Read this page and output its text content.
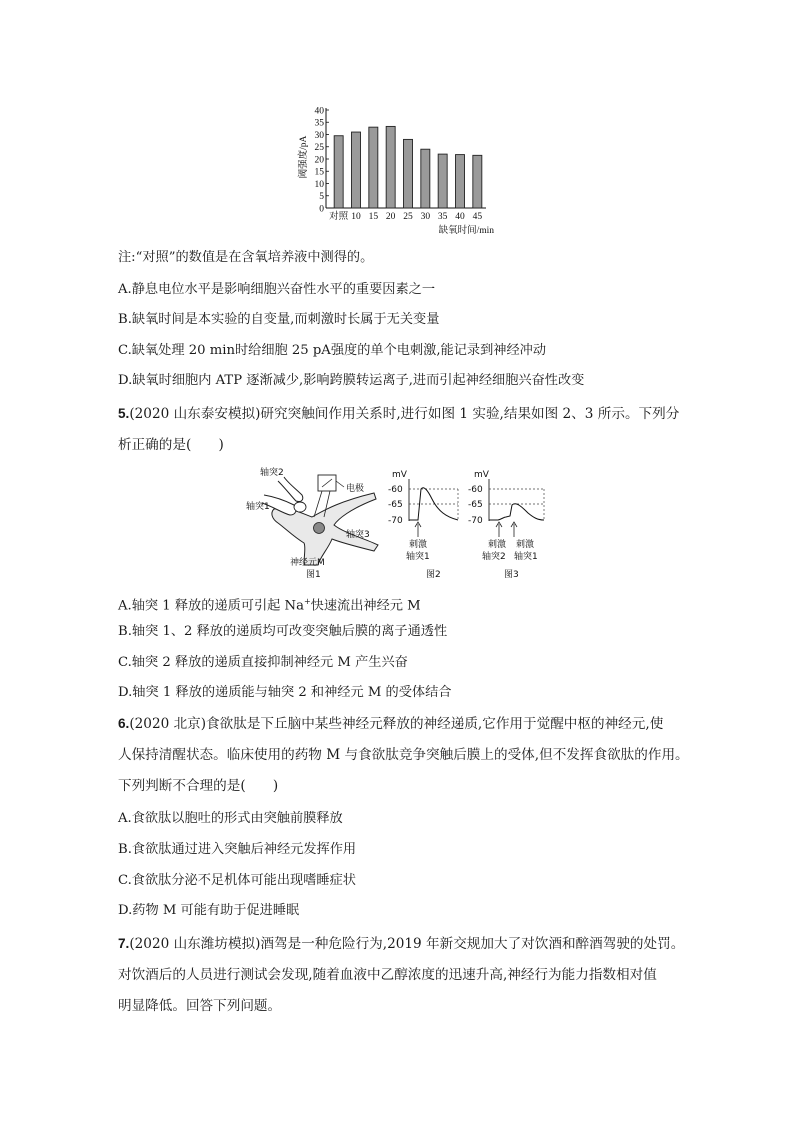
阈强度/pA
缺氧时间/min
0
5
10
15
20
25
30
35
40
对照 10 15 20 25 30 35 40 45
注:“对照”的数值是在含氧培养液中测得的。
A.静息电位水平是影响细胞兴奋性水平的重要因素之一
B.缺氧时间是本实验的自变量,而刺激时长属于无关变量
C.缺氧处理 20 min时给细胞 25 pA强度的单个电刺激,能记录到神经冲动
D.缺氧时细胞内 ATP 逐渐减少,影响跨膜转运离子,进而引起神经细胞兴奋性改变
5.(2020 山东泰安模拟)研究突触间作用关系时,进行如图 1 实验,结果如图 2、3 所示。下列分
析正确的是(　　)
轴突2
轴突1
电极
轴突3
神经元M
图1
mV
-60
-65
-70
刺激
轴突1
图2
mV
-60
-65
-70
刺激
轴突2
刺激
轴突1
图3
A.轴突 1 释放的递质可引起 Na+快速流出神经元 M
B.轴突 1、2 释放的递质均可改变突触后膜的离子通透性
C.轴突 2 释放的递质直接抑制神经元 M 产生兴奋
D.轴突 1 释放的递质能与轴突 2 和神经元 M 的受体结合
6.(2020 北京)食欲肽是下丘脑中某些神经元释放的神经递质,它作用于觉醒中枢的神经元,使
人保持清醒状态。临床使用的药物 M 与食欲肽竞争突触后膜上的受体,但不发挥食欲肽的作用。
下列判断不合理的是(　　)
A.食欲肽以胞吐的形式由突触前膜释放
B.食欲肽通过进入突触后神经元发挥作用
C.食欲肽分泌不足机体可能出现嗜睡症状
D.药物 M 可能有助于促进睡眠
7.(2020 山东潍坊模拟)酒驾是一种危险行为,2019 年新交规加大了对饮酒和醉酒驾驶的处罚。
对饮酒后的人员进行测试会发现,随着血液中乙醇浓度的迅速升高,神经行为能力指数相对值
明显降低。回答下列问题。
